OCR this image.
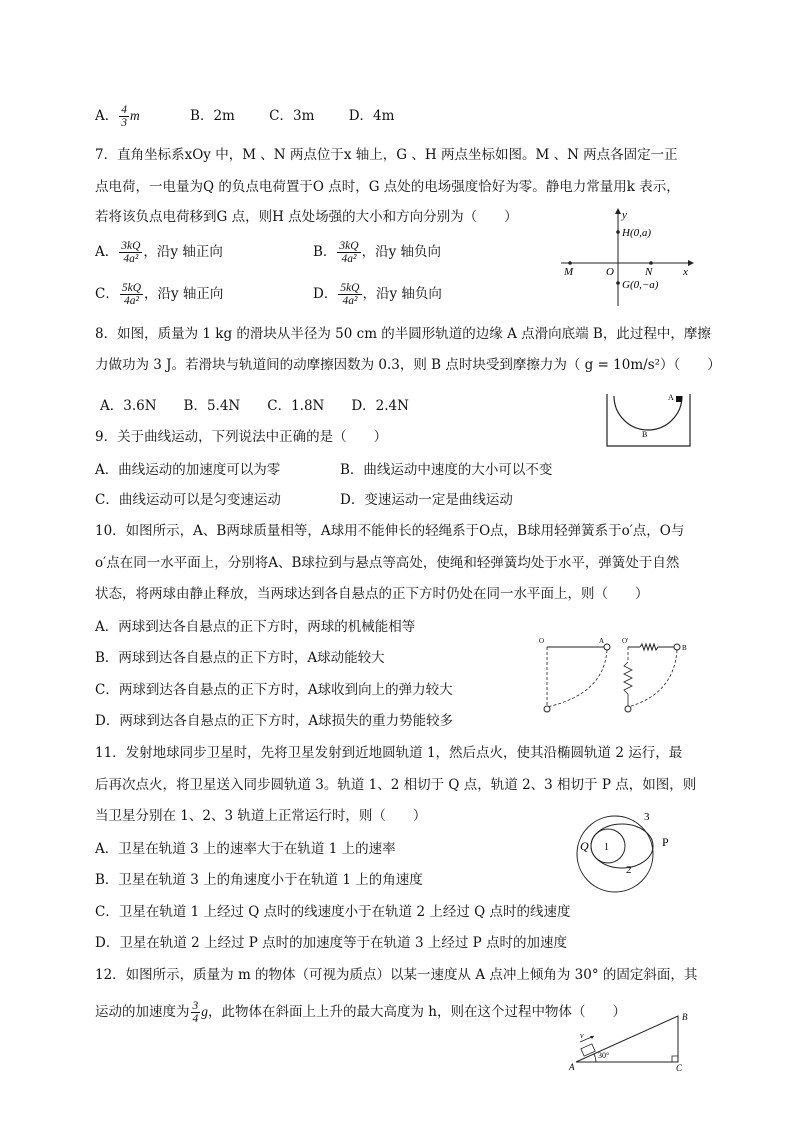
A． $\frac{4}{3}$ m	B．2m	C．3m	D．4m
7．直角坐标系xOy 中，M 、N 两点位于x 轴上，G 、H 两点坐标如图。M 、N 两点各固定一正
点电荷，一电量为Q 的负点电荷置于O 点时，G 点处的电场强度恰好为零。静电力常量用k 表示，
若将该负点电荷移到G 点，则H 点处场强的大小和方向分别为（　　）
A． $\frac{3kQ}{\text{4a²}}$ ，沿y 轴正向	B． $\frac{3kQ}{\text{4a²}}$ ，沿y 轴负向
C． $\frac{5kQ}{\text{4a²}}$ ，沿y 轴正向	D． $\frac{5kQ}{\text{4a²}}$ ，沿y 轴负向
y
x
H(0,a)
M	O	N
G(0,−a)
8．如图，质量为 1 kg 的滑块从半径为 50 cm 的半圆形轨道的边缘 A 点滑向底端 B，此过程中，摩擦
力做功为 3 J。若滑块与轨道间的动摩擦因数为 0.3，则 B 点时块受到摩擦力为（ g = 10m/s²）（　　）
A．3.6N　　B．5.4N　　C．1.8N　　D．2.4N
A
B
9．关于曲线运动，下列说法中正确的是（　　）
A．曲线运动的加速度可以为零	B．曲线运动中速度的大小可以不变
C．曲线运动可以是匀变速运动	D．变速运动一定是曲线运动
10．如图所示，A、B两球质量相等，A球用不能伸长的轻绳系于O点，B球用轻弹簧系于o′点，O与
o′点在同一水平面上，分别将A、B球拉到与悬点等高处，使绳和轻弹簧均处于水平，弹簧处于自然
状态，将两球由静止释放，当两球达到各自悬点的正下方时仍处在同一水平面上，则（　　）
A．两球到达各自悬点的正下方时，两球的机械能相等
B．两球到达各自悬点的正下方时，A球动能较大
C．两球到达各自悬点的正下方时，A球收到向上的弹力较大
D．两球到达各自悬点的正下方时，A球损失的重力势能较多
O	A	O′
B
11．发射地球同步卫星时，先将卫星发射到近地圆轨道 1，然后点火，使其沿椭圆轨道 2 运行，最
后再次点火，将卫星送入同步圆轨道 3。轨道 1、2 相切于 Q 点，轨道 2、3 相切于 P 点，如图，则
当卫星分别在 1、2、3 轨道上正常运行时，则（　　）
A．卫星在轨道 3 上的速率大于在轨道 1 上的速率
B．卫星在轨道 3 上的角速度小于在轨道 1 上的角速度
C．卫星在轨道 1 上经过 Q 点时的线速度小于在轨道 2 上经过 Q 点时的线速度
D．卫星在轨道 2 上经过 P 点时的加速度等于在轨道 3 上经过 P 点时的加速度
3
P
Q 1
2
12．如图所示，质量为 m 的物体（可视为质点）以某一速度从 A 点冲上倾角为 30° 的固定斜面，其
运动的加速度为 $\frac{3}{4}$ g，此物体在斜面上上升的最大高度为 h，则在这个过程中物体（　　）	B
v
30°
A	C
